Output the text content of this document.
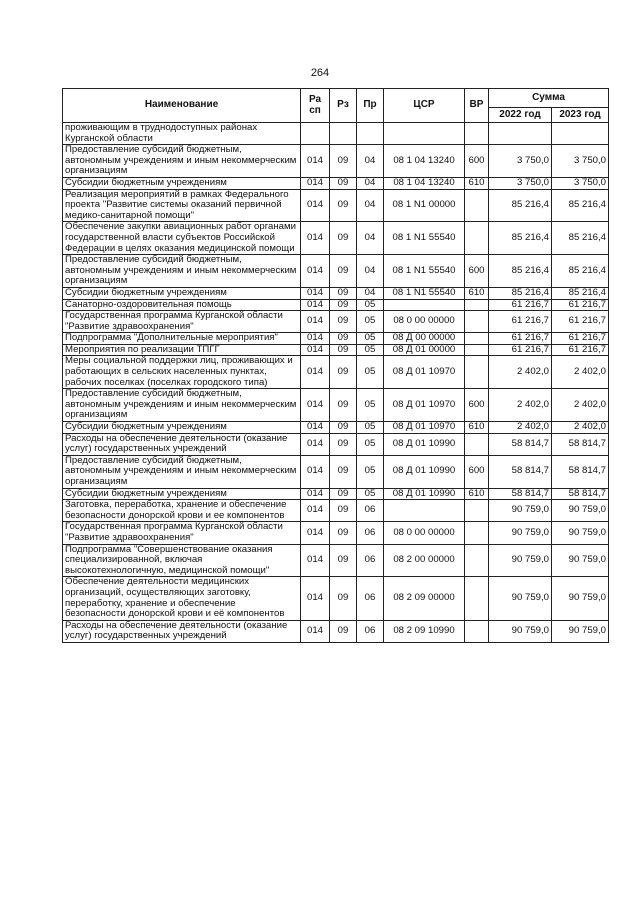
264
Наименование	Ра сп	Рз	Пр	ЦСР	ВР	Сумма	
						2022 год	2023 год
проживающим в труднодоступных районах Курганской области							
Предоставление субсидий бюджетным, автономным учреждениям и иным некоммерческим организациям	014	09	04	08 1 04 13240	600	3 750,0	3 750,0
Субсидии бюджетным учреждениям	014	09	04	08 1 04 13240	610	3 750,0	3 750,0
Реализация мероприятий в рамках Федерального проекта "Развитие системы оказаний первичной медико-санитарной помощи"	014	09	04	08 1 N1 00000		85 216,4	85 216,4
Обеспечение закупки авиационных работ органами государственной власти субъектов Российской Федерации в целях оказания медицинской помощи	014	09	04	08 1 N1 55540		85 216,4	85 216,4
Предоставление субсидий бюджетным, автономным учреждениям и иным некоммерческим организациям	014	09	04	08 1 N1 55540	600	85 216,4	85 216,4
Субсидии бюджетным учреждениям	014	09	04	08 1 N1 55540	610	85 216,4	85 216,4
Санаторно-оздоровительная помощь	014	09	05			61 216,7	61 216,7
Государственная программа Курганской области "Развитие здравоохранения"	014	09	05	08 0 00 00000		61 216,7	61 216,7
Подпрограмма "Дополнительные мероприятия"	014	09	05	08 Д 00 00000		61 216,7	61 216,7
Мероприятия по реализации ТПГГ	014	09	05	08 Д 01 00000		61 216,7	61 216,7
Меры социальной поддержки лиц, проживающих и работающих в сельских населенных пунктах, рабочих поселках (поселках городского типа)	014	09	05	08 Д 01 10970		2 402,0	2 402,0
Предоставление субсидий бюджетным, автономным учреждениям и иным некоммерческим организациям	014	09	05	08 Д 01 10970	600	2 402,0	2 402,0
Субсидии бюджетным учреждениям	014	09	05	08 Д 01 10970	610	2 402,0	2 402,0
Расходы на обеспечение деятельности (оказание услуг) государственных учреждений	014	09	05	08 Д 01 10990		58 814,7	58 814,7
Предоставление субсидий бюджетным, автономным учреждениям и иным некоммерческим организациям	014	09	05	08 Д 01 10990	600	58 814,7	58 814,7
Субсидии бюджетным учреждениям	014	09	05	08 Д 01 10990	610	58 814,7	58 814,7
Заготовка, переработка, хранение и обеспечение безопасности донорской крови и ее компонентов	014	09	06			90 759,0	90 759,0
Государственная программа Курганской области "Развитие здравоохранения"	014	09	06	08 0 00 00000		90 759,0	90 759,0
Подпрограмма "Совершенствование оказания специализированной, включая высокотехнологичную, медицинской помощи"	014	09	06	08 2 00 00000		90 759,0	90 759,0
Обеспечение деятельности медицинских организаций, осуществляющих заготовку, переработку, хранение и обеспечение безопасности донорской крови и её компонентов	014	09	06	08 2 09 00000		90 759,0	90 759,0
Расходы на обеспечение деятельности (оказание услуг) государственных учреждений	014	09	06	08 2 09 10990		90 759,0	90 759,0
